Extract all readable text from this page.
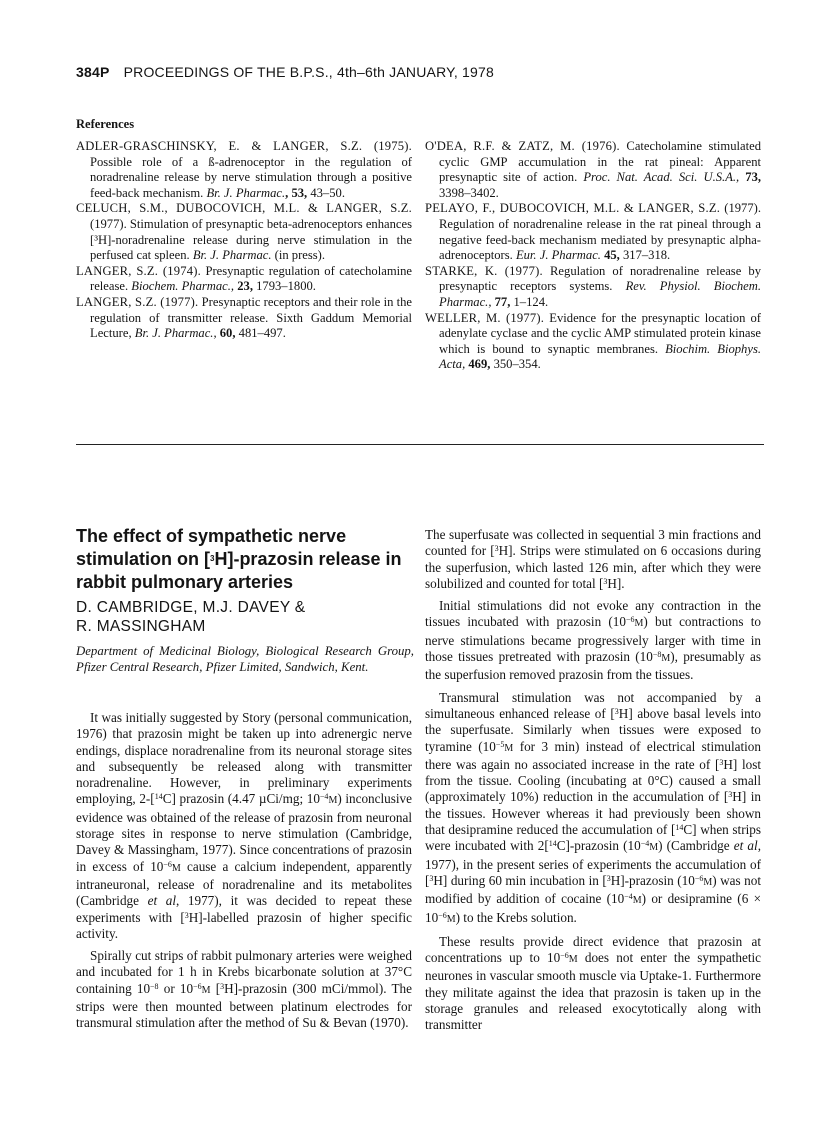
384P PROCEEDINGS OF THE B.P.S., 4th–6th JANUARY, 1978
References

ADLER-GRASCHINSKY, E. & LANGER, S.Z. (1975). Possible role of a ß-adrenoceptor in the regulation of noradrenaline release by nerve stimulation through a positive feed-back mechanism. Br. J. Pharmac., 53, 43–50.

CELUCH, S.M., DUBOCOVICH, M.L. & LANGER, S.Z. (1977). Stimulation of presynaptic beta-adrenoceptors enhances [³H]-noradrenaline release during nerve stimulation in the perfused cat spleen. Br. J. Pharmac. (in press).

LANGER, S.Z. (1974). Presynaptic regulation of catecholamine release. Biochem. Pharmac., 23, 1793–1800.

LANGER, S.Z. (1977). Presynaptic receptors and their role in the regulation of transmitter release. Sixth Gaddum Memorial Lecture, Br. J. Pharmac., 60, 481–497.

O'DEA, R.F. & ZATZ, M. (1976). Catecholamine stimulated cyclic GMP accumulation in the rat pineal: Apparent presynaptic site of action. Proc. Nat. Acad. Sci. U.S.A., 73, 3398–3402.

PELAYO, F., DUBOCOVICH, M.L. & LANGER, S.Z. (1977). Regulation of noradrenaline release in the rat pineal through a negative feed-back mechanism mediated by presynaptic alpha-adrenoceptors. Eur. J. Pharmac. 45, 317–318.

STARKE, K. (1977). Regulation of noradrenaline release by presynaptic receptors systems. Rev. Physiol. Biochem. Pharmac., 77, 1–124.

WELLER, M. (1977). Evidence for the presynaptic location of adenylate cyclase and the cyclic AMP stimulated protein kinase which is bound to synaptic membranes. Biochim. Biophys. Acta, 469, 350–354.

The effect of sympathetic nerve stimulation on [$^3$H]-prazosin release in rabbit pulmonary arteries
D. CAMBRIDGE, M.J. DAVEY &
R. MASSINGHAM
Department of Medicinal Biology, Biological Research Group, Pfizer Central Research, Pfizer Limited, Sandwich, Kent.

It was initially suggested by Story (personal communication, 1976) that prazosin might be taken up into adrenergic nerve endings, displace noradrenaline from its neuronal storage sites and subsequently be released along with transmitter noradrenaline. However, in preliminary experiments employing, 2-[$^{14}$C] prazosin (4.47 µCi/mg; $10^{-4}M$) inconclusive evidence was obtained of the release of prazosin from neuronal storage sites in response to nerve stimulation (Cambridge, Davey & Massingham, 1977). Since concentrations of prazosin in excess of $10^{-6}M$ cause a calcium independent, apparently intraneuronal, release of noradrenaline and its metabolites (Cambridge et al, 1977), it was decided to repeat these experiments with [$^3$H]-labelled prazosin of higher specific activity.

Spirally cut strips of rabbit pulmonary arteries were weighed and incubated for 1 h in Krebs bicarbonate solution at 37°C containing $10^{-8}$ or $10^{-6}M$ [$^3$H]-prazosin (300 mCi/mmol). The strips were then mounted between platinum electrodes for transmural stimulation after the method of Su & Bevan (1970).

The superfusate was collected in sequential 3 min fractions and counted for [$^3$H]. Strips were stimulated on 6 occasions during the superfusion, which lasted 126 min, after which they were solubilized and counted for total [$^3$H].

Initial stimulations did not evoke any contraction in the tissues incubated with prazosin $(10^{-6}M)$ but contractions to nerve stimulations became progressively larger with time in those tissues pretreated with prazosin $(10^{-8}M)$, presumably as the superfusion removed prazosin from the tissues.

Transmural stimulation was not accompanied by a simultaneous enhanced release of [$^3$H] above basal levels into the superfusate. Similarly when tissues were exposed to tyramine ($10^{-5}M$ for 3 min) instead of electrical stimulation there was again no associated increase in the rate of [$^3$H] lost from the tissue. Cooling (incubating at 0°C) caused a small (approximately 10%) reduction in the accumulation of [$^3$H] in the tissues. However whereas it had previously been shown that desipramine reduced the accumulation of [$^{14}$C] when strips were incubated with 2[$^{14}$C]-prazosin $(10^{-4}M)$ (Cambridge et al, 1977), in the present series of experiments the accumulation of [$^3$H] during 60 min incubation in [$^3$H]-prazosin $(10^{-6}M)$ was not modified by addition of cocaine $(10^{-4}M)$ or desipramine $(6 \times 10^{-6}M)$ to the Krebs solution.

These results provide direct evidence that prazosin at concentrations up to $10^{-6}M$ does not enter the sympathetic neurones in vascular smooth muscle via Uptake-1. Furthermore they militate against the idea that prazosin is taken up in the storage granules and released exocytotically along with transmitter
